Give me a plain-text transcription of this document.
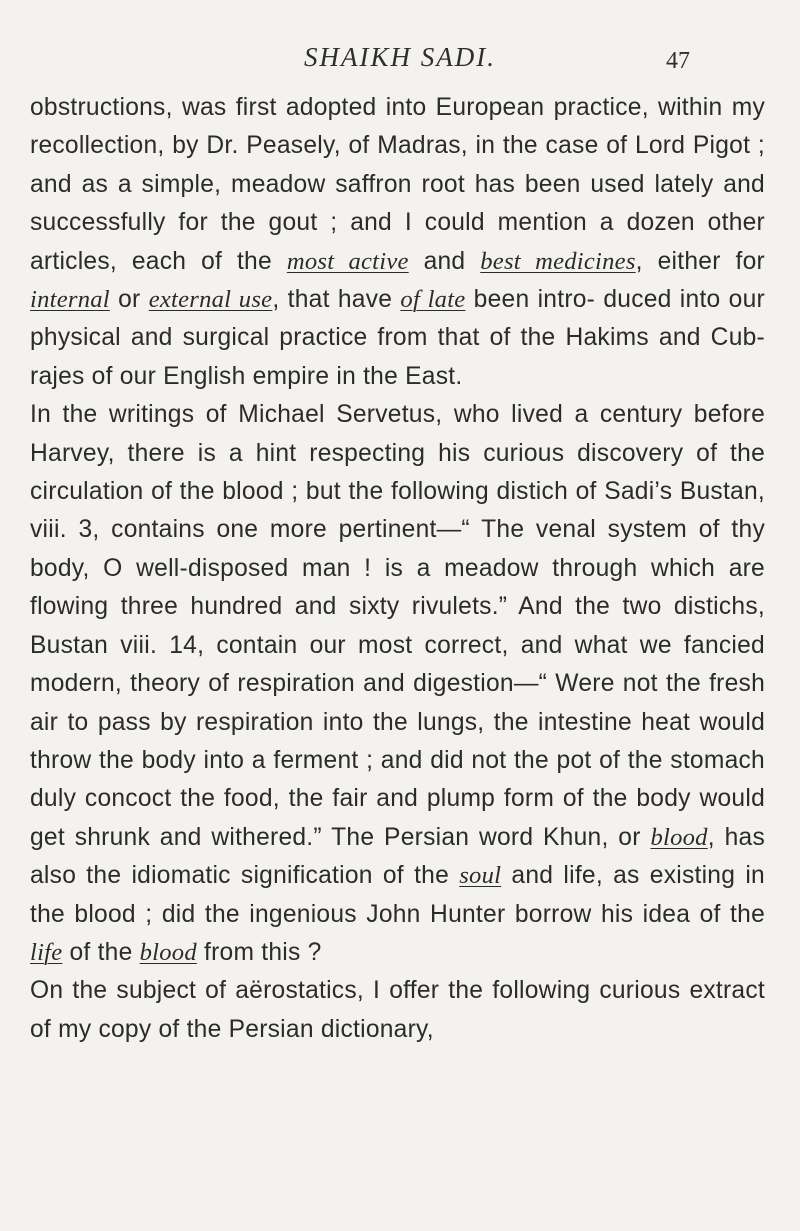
SHAIKH SADI.	47

obstructions, was first adopted into European practice, within my recollection, by Dr. Peasely, of Madras, in the case of Lord Pigot ; and as a simple, meadow saffron root has been used lately and successfully for the gout ; and I could mention a dozen other articles, each of the most active and best medicines, either for internal or external use, that have of late been intro- duced into our physical and surgical practice from that of the Hakims and Cub-rajes of our English empire in the East.

In the writings of Michael Servetus, who lived a century before Harvey, there is a hint respecting his curious discovery of the circulation of the blood ; but the following distich of Sadi’s Bustan, viii. 3, contains one more pertinent—“ The venal system of thy body, O well-disposed man ! is a meadow through which are flowing three hundred and sixty rivulets.” And the two distichs, Bustan viii. 14, contain our most correct, and what we fancied modern, theory of respiration and digestion—“ Were not the fresh air to pass by respiration into the lungs, the intestine heat would throw the body into a ferment ; and did not the pot of the stomach duly concoct the food, the fair and plump form of the body would get shrunk and withered.” The Persian word Khun, or blood, has also the idiomatic signification of the soul and life, as existing in the blood ; did the ingenious John Hunter borrow his idea of the life of the blood from this ?

On the subject of aërostatics, I offer the following curious extract of my copy of the Persian dictionary,
